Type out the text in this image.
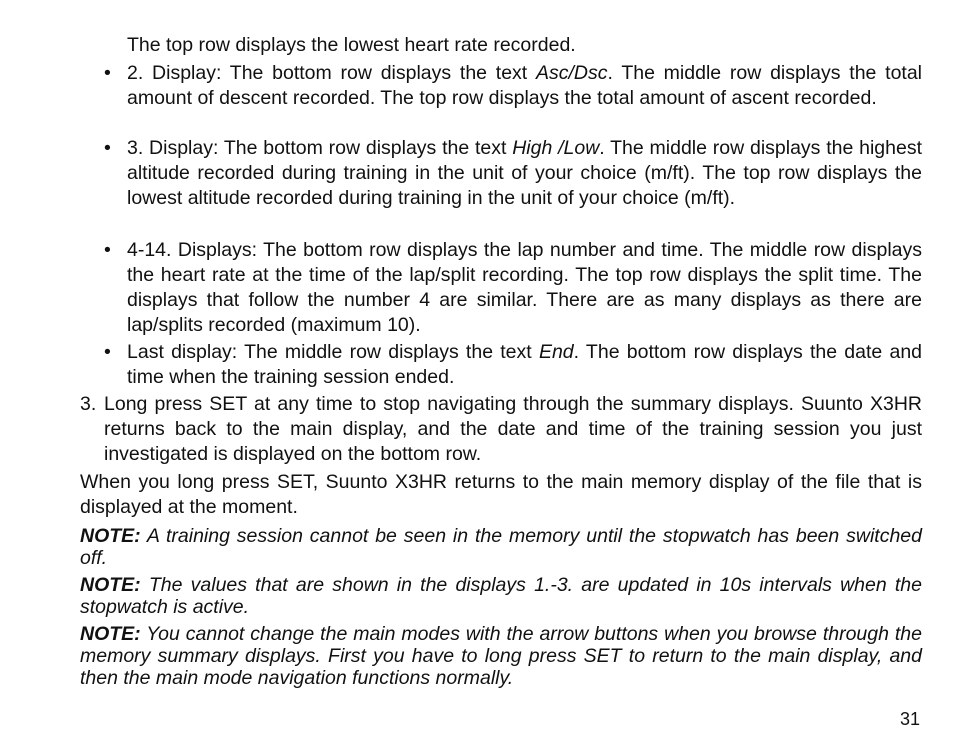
The top row displays the lowest heart rate recorded.

• 2. Display: The bottom row displays the text Asc/Dsc. The middle row displays the total amount of descent recorded. The top row displays the total amount of ascent recorded.

• 3. Display: The bottom row displays the text High /Low. The middle row displays the highest altitude recorded during training in the unit of your choice (m/ft). The top row displays the lowest altitude recorded during training in the unit of your choice (m/ft).

• 4-14. Displays: The bottom row displays the lap number and time. The middle row displays the heart rate at the time of the lap/split recording. The top row displays the split time. The displays that follow the number 4 are similar. There are as many displays as there are lap/splits recorded (maximum 10).

• Last display: The middle row displays the text End. The bottom row displays the date and time when the training session ended.

3. Long press SET at any time to stop navigating through the summary displays. Suunto X3HR returns back to the main display, and the date and time of the training session you just investigated is displayed on the bottom row.

When you long press SET, Suunto X3HR returns to the main memory display of the file that is displayed at the moment.

NOTE: A training session cannot be seen in the memory until the stopwatch has been switched off.

NOTE: The values that are shown in the displays 1.-3. are updated in 10s intervals when the stopwatch is active.

NOTE: You cannot change the main modes with the arrow buttons when you browse through the memory summary displays. First you have to long press SET to return to the main display, and then the main mode navigation functions normally.

31
